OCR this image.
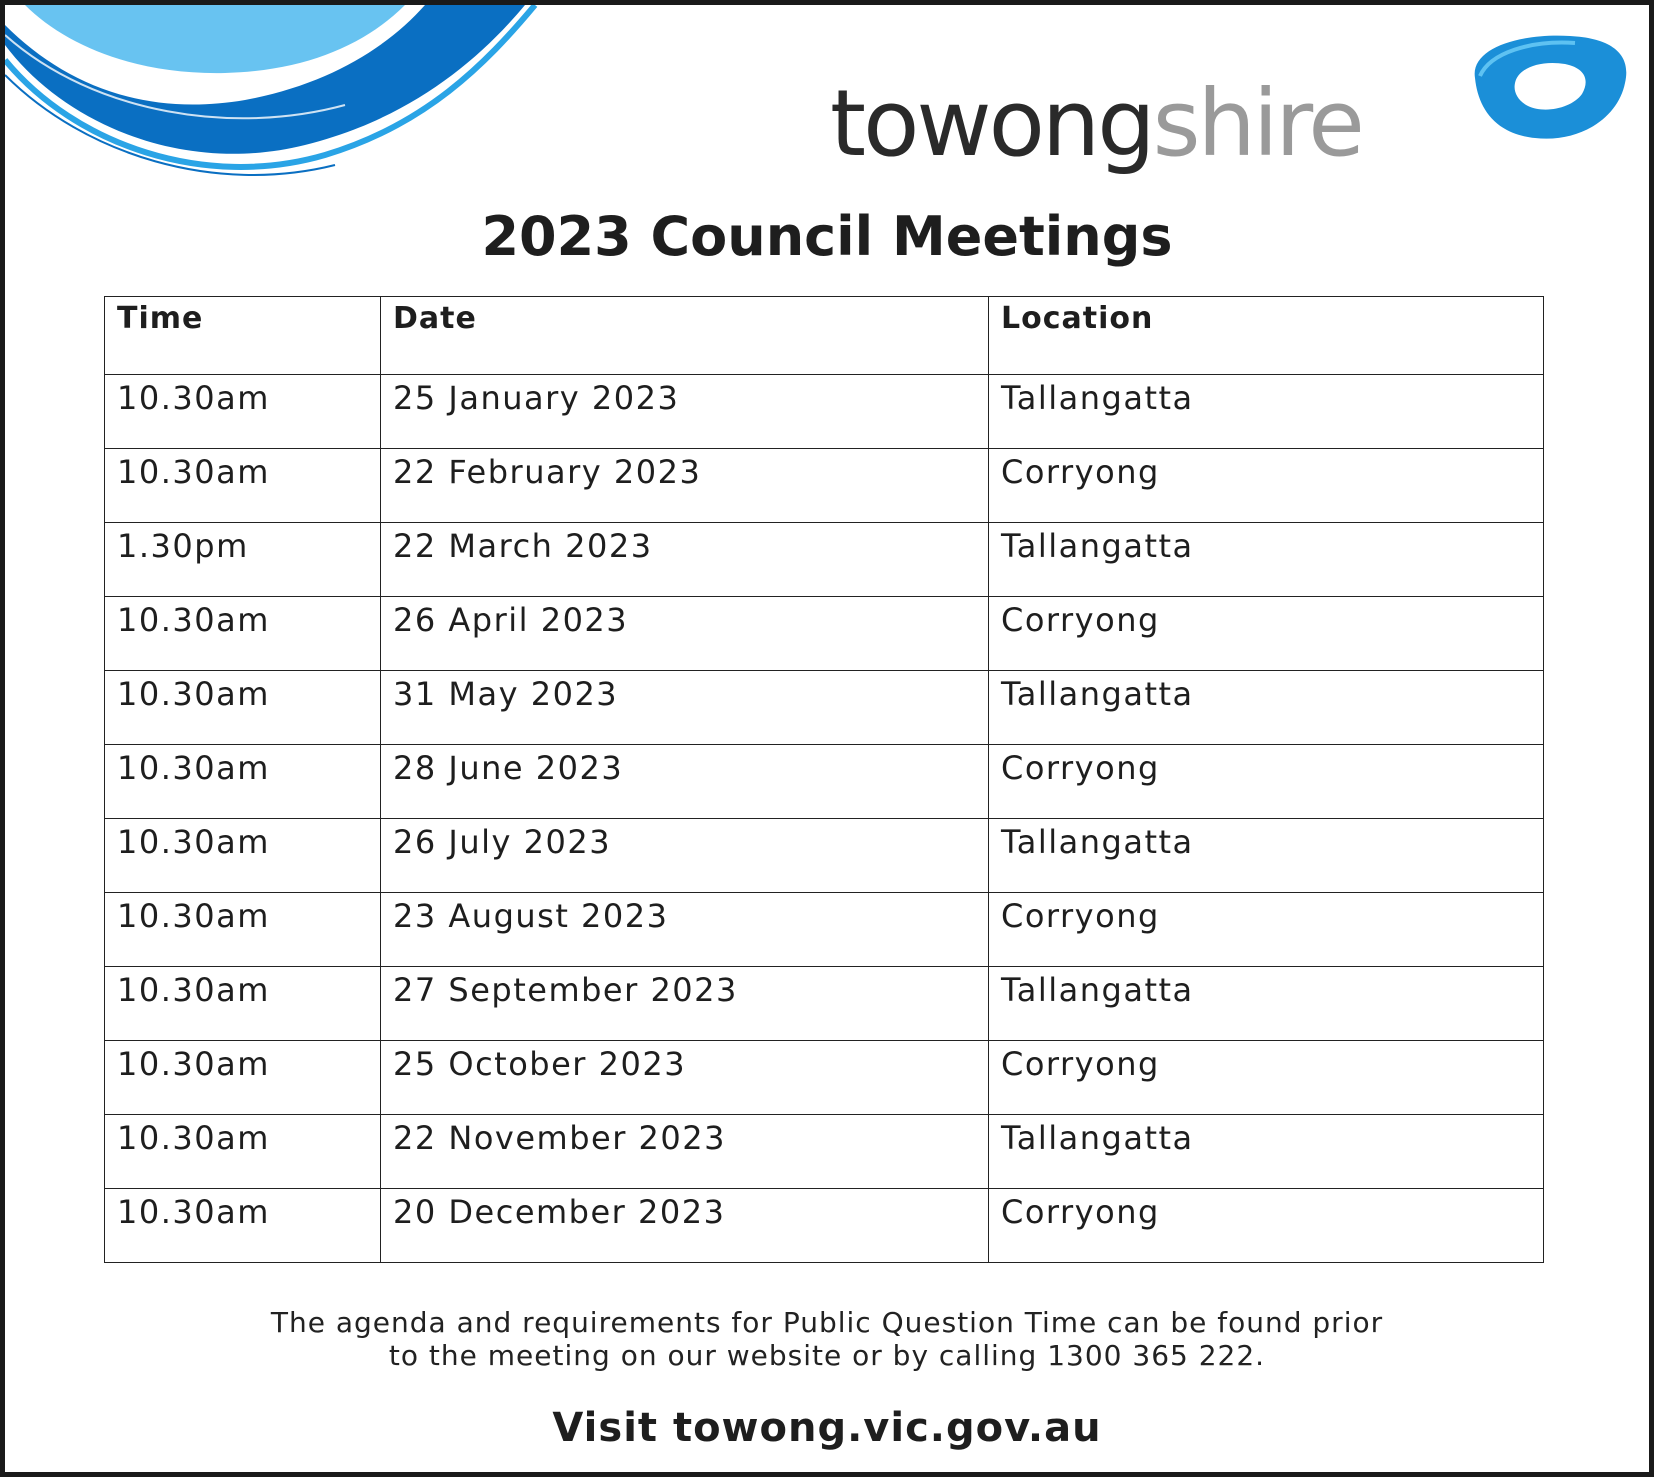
towongshire
2023 Council Meetings
Time	Date	Location
10.30am	25 January 2023	Tallangatta
10.30am	22 February 2023	Corryong
1.30pm	22 March 2023	Tallangatta
10.30am	26 April 2023	Corryong
10.30am	31 May 2023	Tallangatta
10.30am	28 June 2023	Corryong
10.30am	26 July 2023	Tallangatta
10.30am	23 August 2023	Corryong
10.30am	27 September 2023	Tallangatta
10.30am	25 October 2023	Corryong
10.30am	22 November 2023	Tallangatta
10.30am	20 December 2023	Corryong
The agenda and requirements for Public Question Time can be found prior
to the meeting on our website or by calling 1300 365 222.
Visit towong.vic.gov.au
